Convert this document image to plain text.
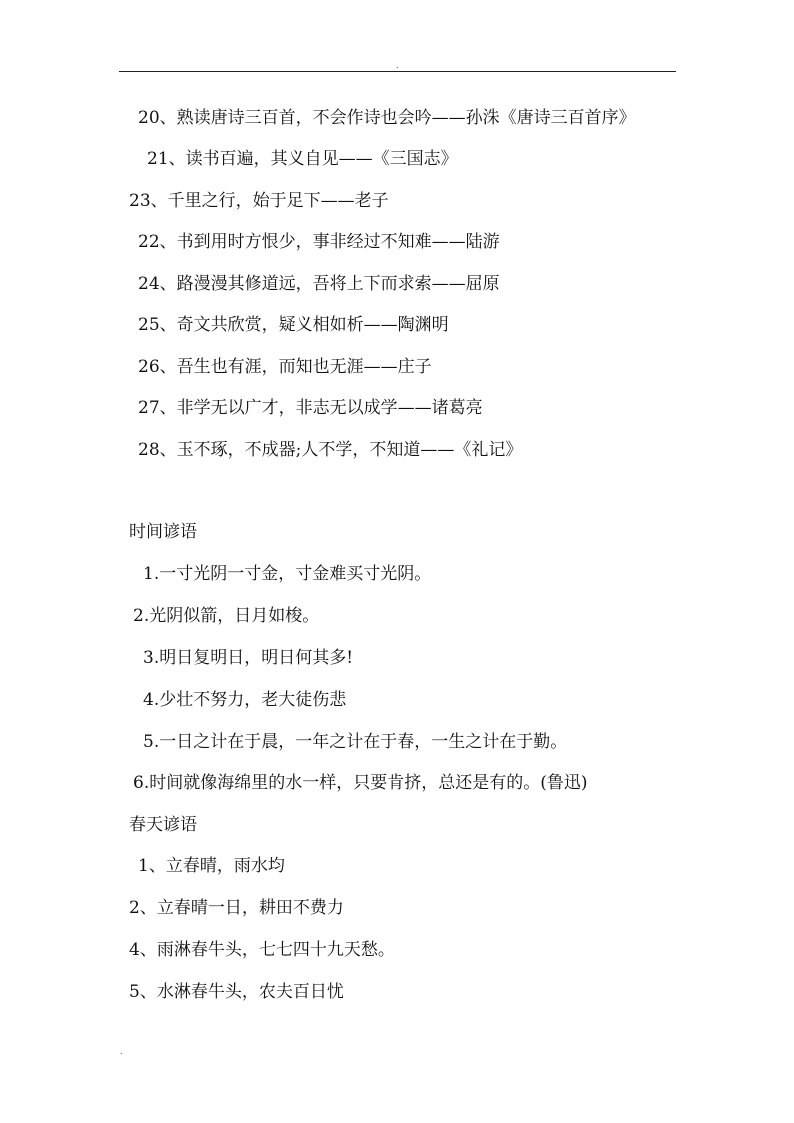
.
20、熟读唐诗三百首，不会作诗也会吟——孙洙《唐诗三百首序》
21、读书百遍，其义自见——《三国志》
23、千里之行，始于足下——老子
22、书到用时方恨少，事非经过不知难——陆游
24、路漫漫其修道远，吾将上下而求索——屈原
25、奇文共欣赏，疑义相如析——陶渊明
26、吾生也有涯，而知也无涯——庄子
27、非学无以广才，非志无以成学——诸葛亮
28、玉不琢，不成器;人不学，不知道——《礼记》
时间谚语
1.一寸光阴一寸金，寸金难买寸光阴。
2.光阴似箭，日月如梭。
3.明日复明日，明日何其多!
4.少壮不努力，老大徒伤悲
5.一日之计在于晨，一年之计在于春，一生之计在于勤。
6.时间就像海绵里的水一样，只要肯挤，总还是有的。(鲁迅)
春天谚语
1、立春晴，雨水均
2、立春晴一日，耕田不费力
4、雨淋春牛头，七七四十九天愁。
5、水淋春牛头，农夫百日忧
.
